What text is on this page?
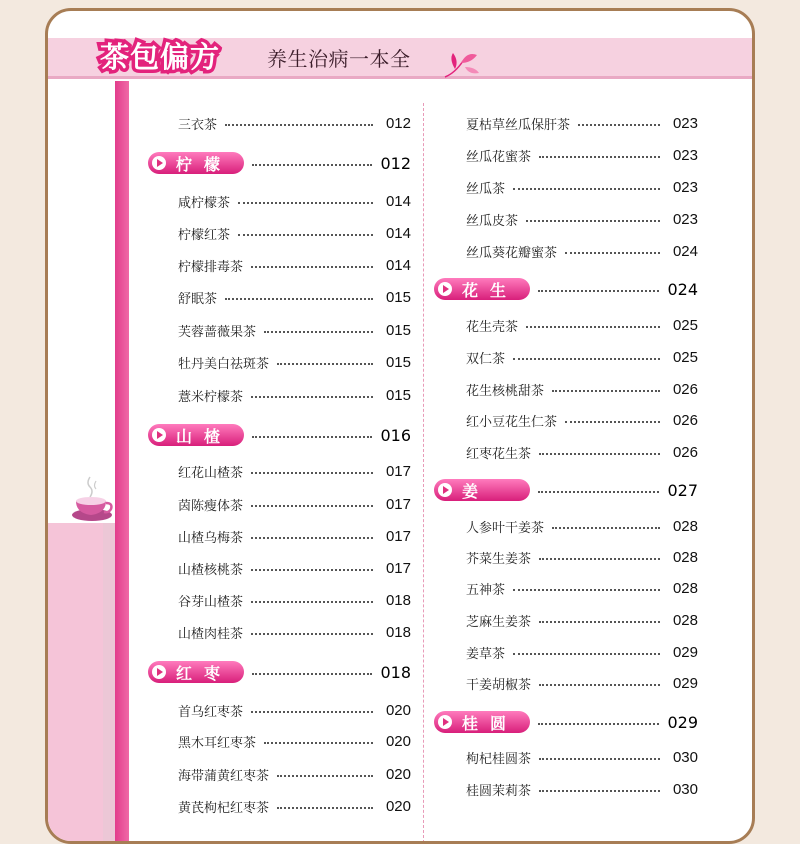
茶包偏方 养生治病一本全
三衣茶	012
柠檬	012
咸柠檬茶	014
柠檬红茶	014
柠檬排毒茶	014
舒眠茶	015
芙蓉蔷薇果茶	015
牡丹美白祛斑茶	015
薏米柠檬茶	015
山楂	016
红花山楂茶	017
茵陈瘦体茶	017
山楂乌梅茶	017
山楂核桃茶	017
谷芽山楂茶	018
山楂肉桂茶	018
红枣	018
首乌红枣茶	020
黑木耳红枣茶	020
海带蒲黄红枣茶	020
黄芪枸杞红枣茶	020
夏枯草丝瓜保肝茶	023
丝瓜花蜜茶	023
丝瓜茶	023
丝瓜皮茶	023
丝瓜葵花瓣蜜茶	024
花生	024
花生壳茶	025
双仁茶	025
花生核桃甜茶	026
红小豆花生仁茶	026
红枣花生茶	026
姜	027
人参叶干姜茶	028
芥菜生姜茶	028
五神茶	028
芝麻生姜茶	028
姜草茶	029
干姜胡椒茶	029
桂圆	029
枸杞桂圆茶	030
桂圆茉莉茶	030
